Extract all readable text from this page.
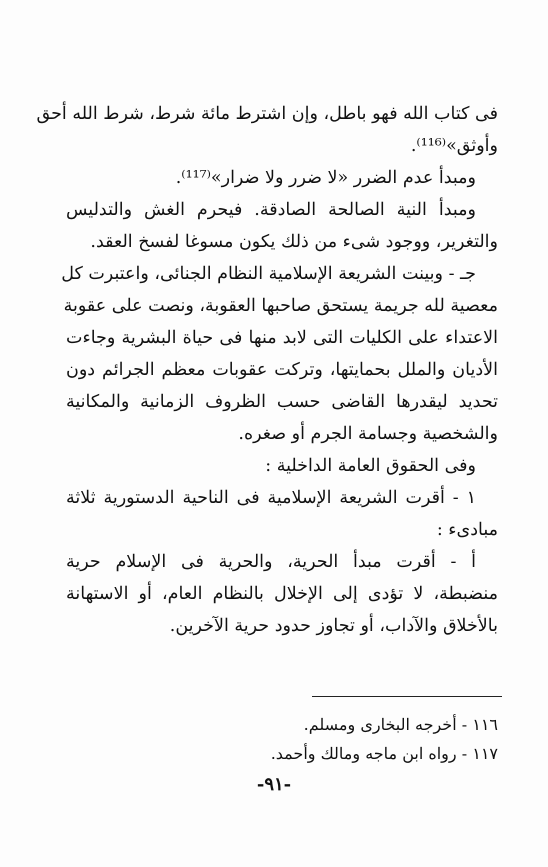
فى كتاب الله فهو باطل، وإن اشترط مائة شرط، شرط الله أحق
وأوثق»⁽¹¹⁶⁾.

ومبدأ عدم الضرر «لا ضرر ولا ضرار»⁽¹¹⁷⁾.

ومبدأ النية الصالحة الصادقة. فيحرم الغش والتدليس

والتغرير، ووجود شىء من ذلك يكون مسوغا لفسخ العقد.

جـ - وبينت الشريعة الإسلامية النظام الجنائى، واعتبرت كل
معصية لله جريمة يستحق صاحبها العقوبة، ونصت على عقوبة
الاعتداء على الكليات التى لابد منها فى حياة البشرية وجاءت
الأديان والملل بحمايتها، وتركت عقوبات معظم الجرائم دون
تحديد ليقدرها القاضى حسب الظروف الزمانية والمكانية
والشخصية وجسامة الجرم أو صغره.

وفى الحقوق العامة الداخلية :

١ - أقرت الشريعة الإسلامية فى الناحية الدستورية ثلاثة
مبادىء :

أ - أقرت مبدأ الحرية، والحرية فى الإسلام حرية
منضبطة، لا تؤدى إلى الإخلال بالنظام العام، أو الاستهانة
بالأخلاق والآداب، أو تجاوز حدود حرية الآخرين.

١١٦ - أخرجه البخارى ومسلم.
١١٧ - رواه ابن ماجه ومالك وأحمد.
-٩١-
